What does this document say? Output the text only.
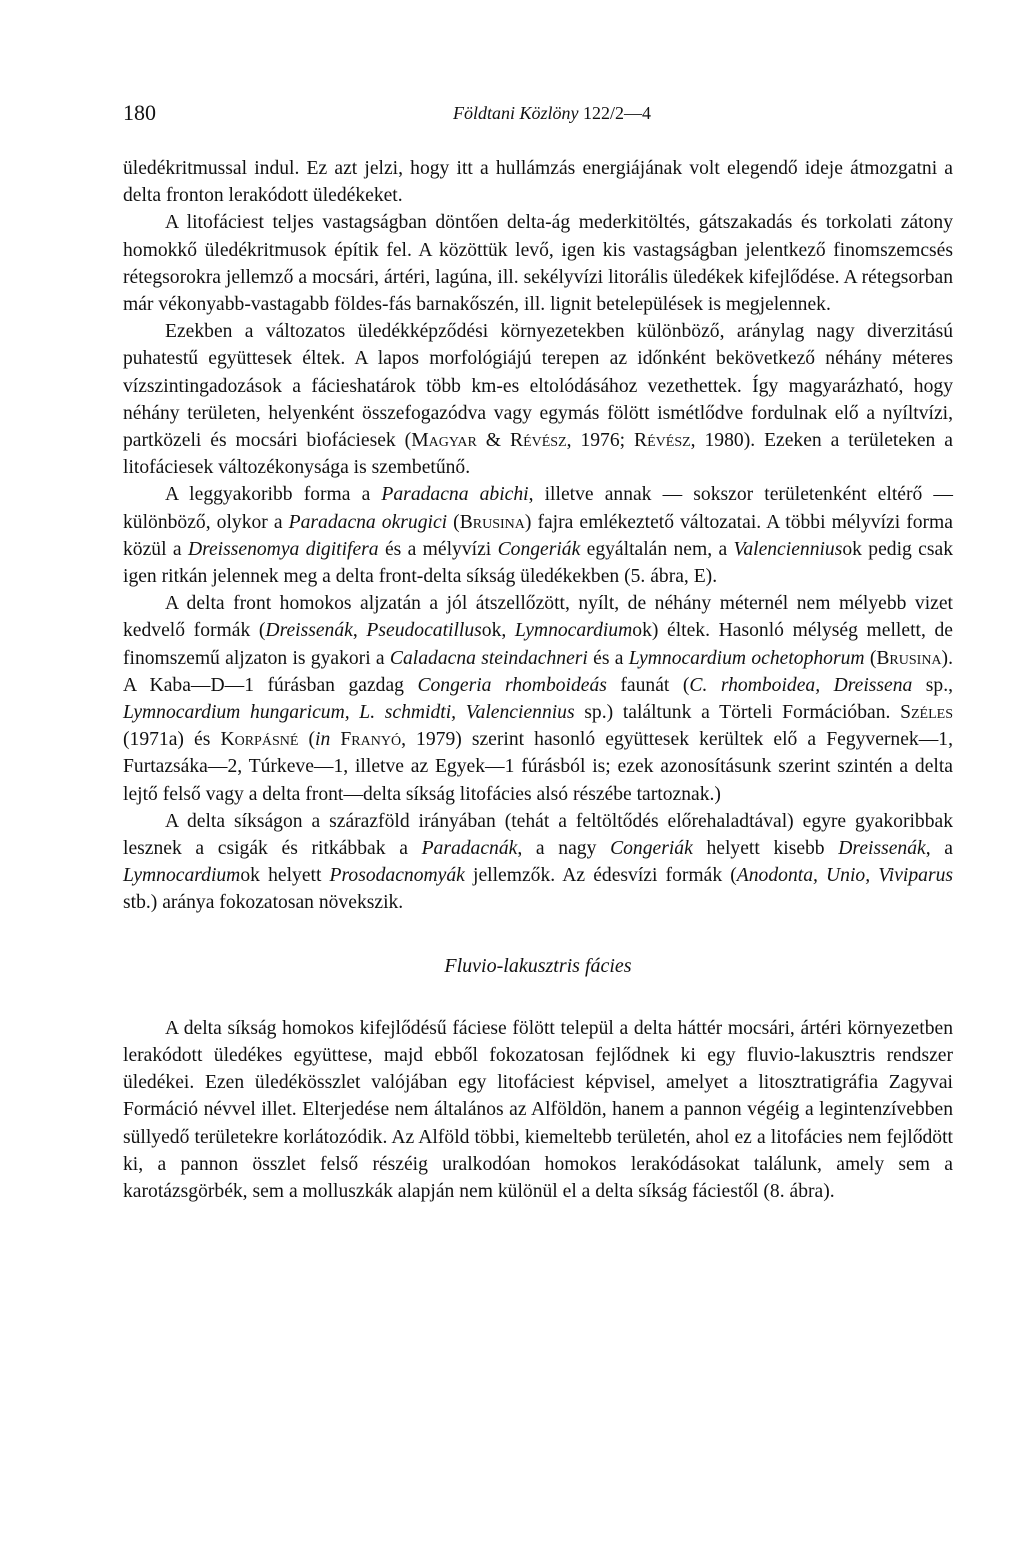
180	Földtani Közlöny 122/2—4

üledékritmussal indul. Ez azt jelzi, hogy itt a hullámzás energiájának volt elegendő ideje átmozgatni a delta fronton lerakódott üledékeket.

A litofáciest teljes vastagságban döntően delta-ág mederkitöltés, gátszakadás és torkolati zátony homokkő üledékritmusok építik fel. A közöttük levő, igen kis vastagságban jelentkező finomszemcsés rétegsorokra jellemző a mocsári, ártéri, lagúna, ill. sekélyvízi litorális üledékek kifejlődése. A rétegsorban már vékonyabb-vastagabb földes-fás barnakőszén, ill. lignit betelepülések is megjelennek.

Ezekben a változatos üledékképződési környezetekben különböző, aránylag nagy diverzitású puhatestű együttesek éltek. A lapos morfológiájú terepen az időnként bekövetkező néhány méteres vízszintingadozások a fácieshatárok több km-es eltolódásához vezethettek. Így magyarázható, hogy néhány területen, helyenként összefogazódva vagy egymás fölött ismétlődve fordulnak elő a nyíltvízi, partközeli és mocsári biofáciesek (Magyar & Révész, 1976; Révész, 1980). Ezeken a területeken a litofáciesek változékonysága is szembetűnő.

A leggyakoribb forma a Paradacna abichi, illetve annak — sokszor területenként eltérő — különböző, olykor a Paradacna okrugici (Brusina) fajra emlékeztető változatai. A többi mélyvízi forma közül a Dreissenomya digitifera és a mélyvízi Congeriák egyáltalán nem, a Valencienniusok pedig csak igen ritkán jelennek meg a delta front-delta síkság üledékekben (5. ábra, E).

A delta front homokos aljzatán a jól átszellőzött, nyílt, de néhány méternél nem mélyebb vizet kedvelő formák (Dreissenák, Pseudocatillusok, Lymnocardiumok) éltek. Hasonló mélység mellett, de finomszemű aljzaton is gyakori a Caladacna steindachneri és a Lymnocardium ochetophorum (Brusina). A Kaba—D—1 fúrásban gazdag Congeria rhomboideás faunát (C. rhomboidea, Dreissena sp., Lymnocardium hungaricum, L. schmidti, Valenciennius sp.) találtunk a Törteli Formációban. Széles (1971a) és Korpásné (in Franyó, 1979) szerint hasonló együttesek kerültek elő a Fegyvernek—1, Furtazsáka—2, Túrkeve—1, illetve az Egyek—1 fúrásból is; ezek azonosításunk szerint szintén a delta lejtő felső vagy a delta front—delta síkság litofácies alsó részébe tartoznak.)

A delta síkságon a szárazföld irányában (tehát a feltöltődés előrehaladtával) egyre gyakoribbak lesznek a csigák és ritkábbak a Paradacnák, a nagy Congeriák helyett kisebb Dreissenák, a Lymnocardiumok helyett Prosodacnomyák jellemzők. Az édesvízi formák (Anodonta, Unio, Viviparus stb.) aránya fokozatosan növekszik.

Fluvio-lakusztris fácies

A delta síkság homokos kifejlődésű fáciese fölött települ a delta háttér mocsári, ártéri környezetben lerakódott üledékes együttese, majd ebből fokozatosan fejlődnek ki egy fluvio-lakusztris rendszer üledékei. Ezen üledékösszlet valójában egy litofáciest képvisel, amelyet a litosztratigráfia Zagyvai Formáció névvel illet. Elterjedése nem általános az Alföldön, hanem a pannon végéig a legintenzívebben süllyedő területekre korlátozódik. Az Alföld többi, kiemeltebb területén, ahol ez a litofácies nem fejlődött ki, a pannon összlet felső részéig uralkodóan homokos lerakódásokat találunk, amely sem a karotázsgörbék, sem a molluszkák alapján nem különül el a delta síkság fáciestől (8. ábra).
